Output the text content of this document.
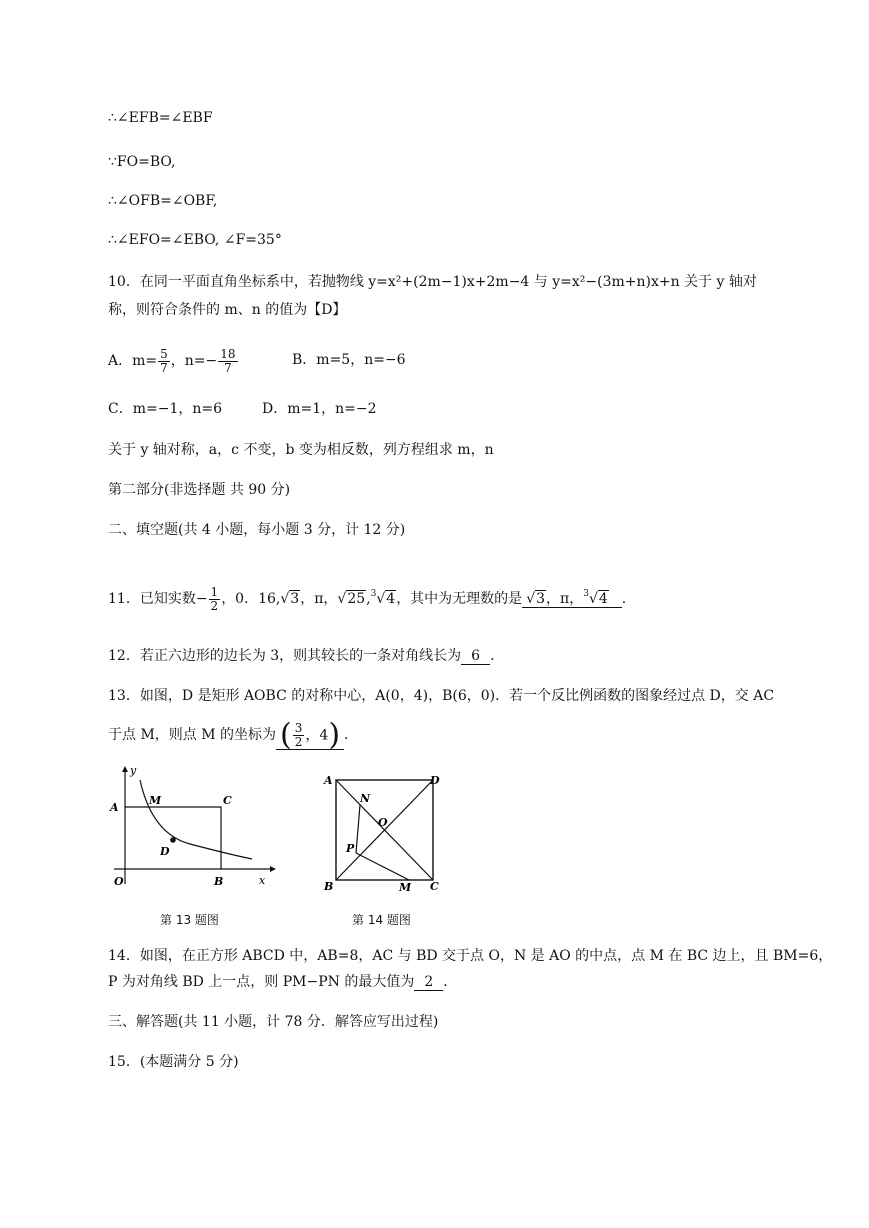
∴∠EFB=∠EBF
∵FO=BO,
∴∠OFB=∠OBF,
∴∠EFO=∠EBO, ∠F=35°
10．在同一平面直角坐标系中，若抛物线 y=x²+(2m−1)x+2m−4 与 y=x²−(3m+n)x+n 关于 y 轴对
称，则符合条件的 m、n 的值为【D】
A．$m= \frac{5}{7}$ ，$n=- \frac{18}{7}$	B．m=5，n=−6
C．m=−1，n=6	D．m=1，n=−2
关于 y 轴对称，a，c 不变，b 变为相反数，列方程组求 m，n
第二部分(非选择题 共 90 分)
二、填空题(共 4 小题，每小题 3 分，计 12 分)
11．已知实数− $\frac{1}{2}$ ，0．16,√3，π，√25,$^3$√4，其中为无理数的是 √3，π，$^3$√4 ．
12．若正六边形的边长为 3，则其较长的一条对角线长为 6 ．
13．如图，D 是矩形 AOBC 的对称中心，A(0，4)，B(6，0)．若一个反比例函数的图象经过点 D，交 AC
于点 M，则点 M 的坐标为 ( $\frac{3}{2}$ ，4) ．
y
A
M	C
D
O	B	x
第 13 题图
A	D
N
O
P
B	M C
第 14 题图
14．如图，在正方形 ABCD 中，AB=8，AC 与 BD 交于点 O，N 是 AO 的中点，点 M 在 BC 边上，且 BM=6，
P 为对角线 BD 上一点，则 PM−PN 的最大值为 2 ．
三、解答题(共 11 小题，计 78 分．解答应写出过程)
15．(本题满分 5 分)
